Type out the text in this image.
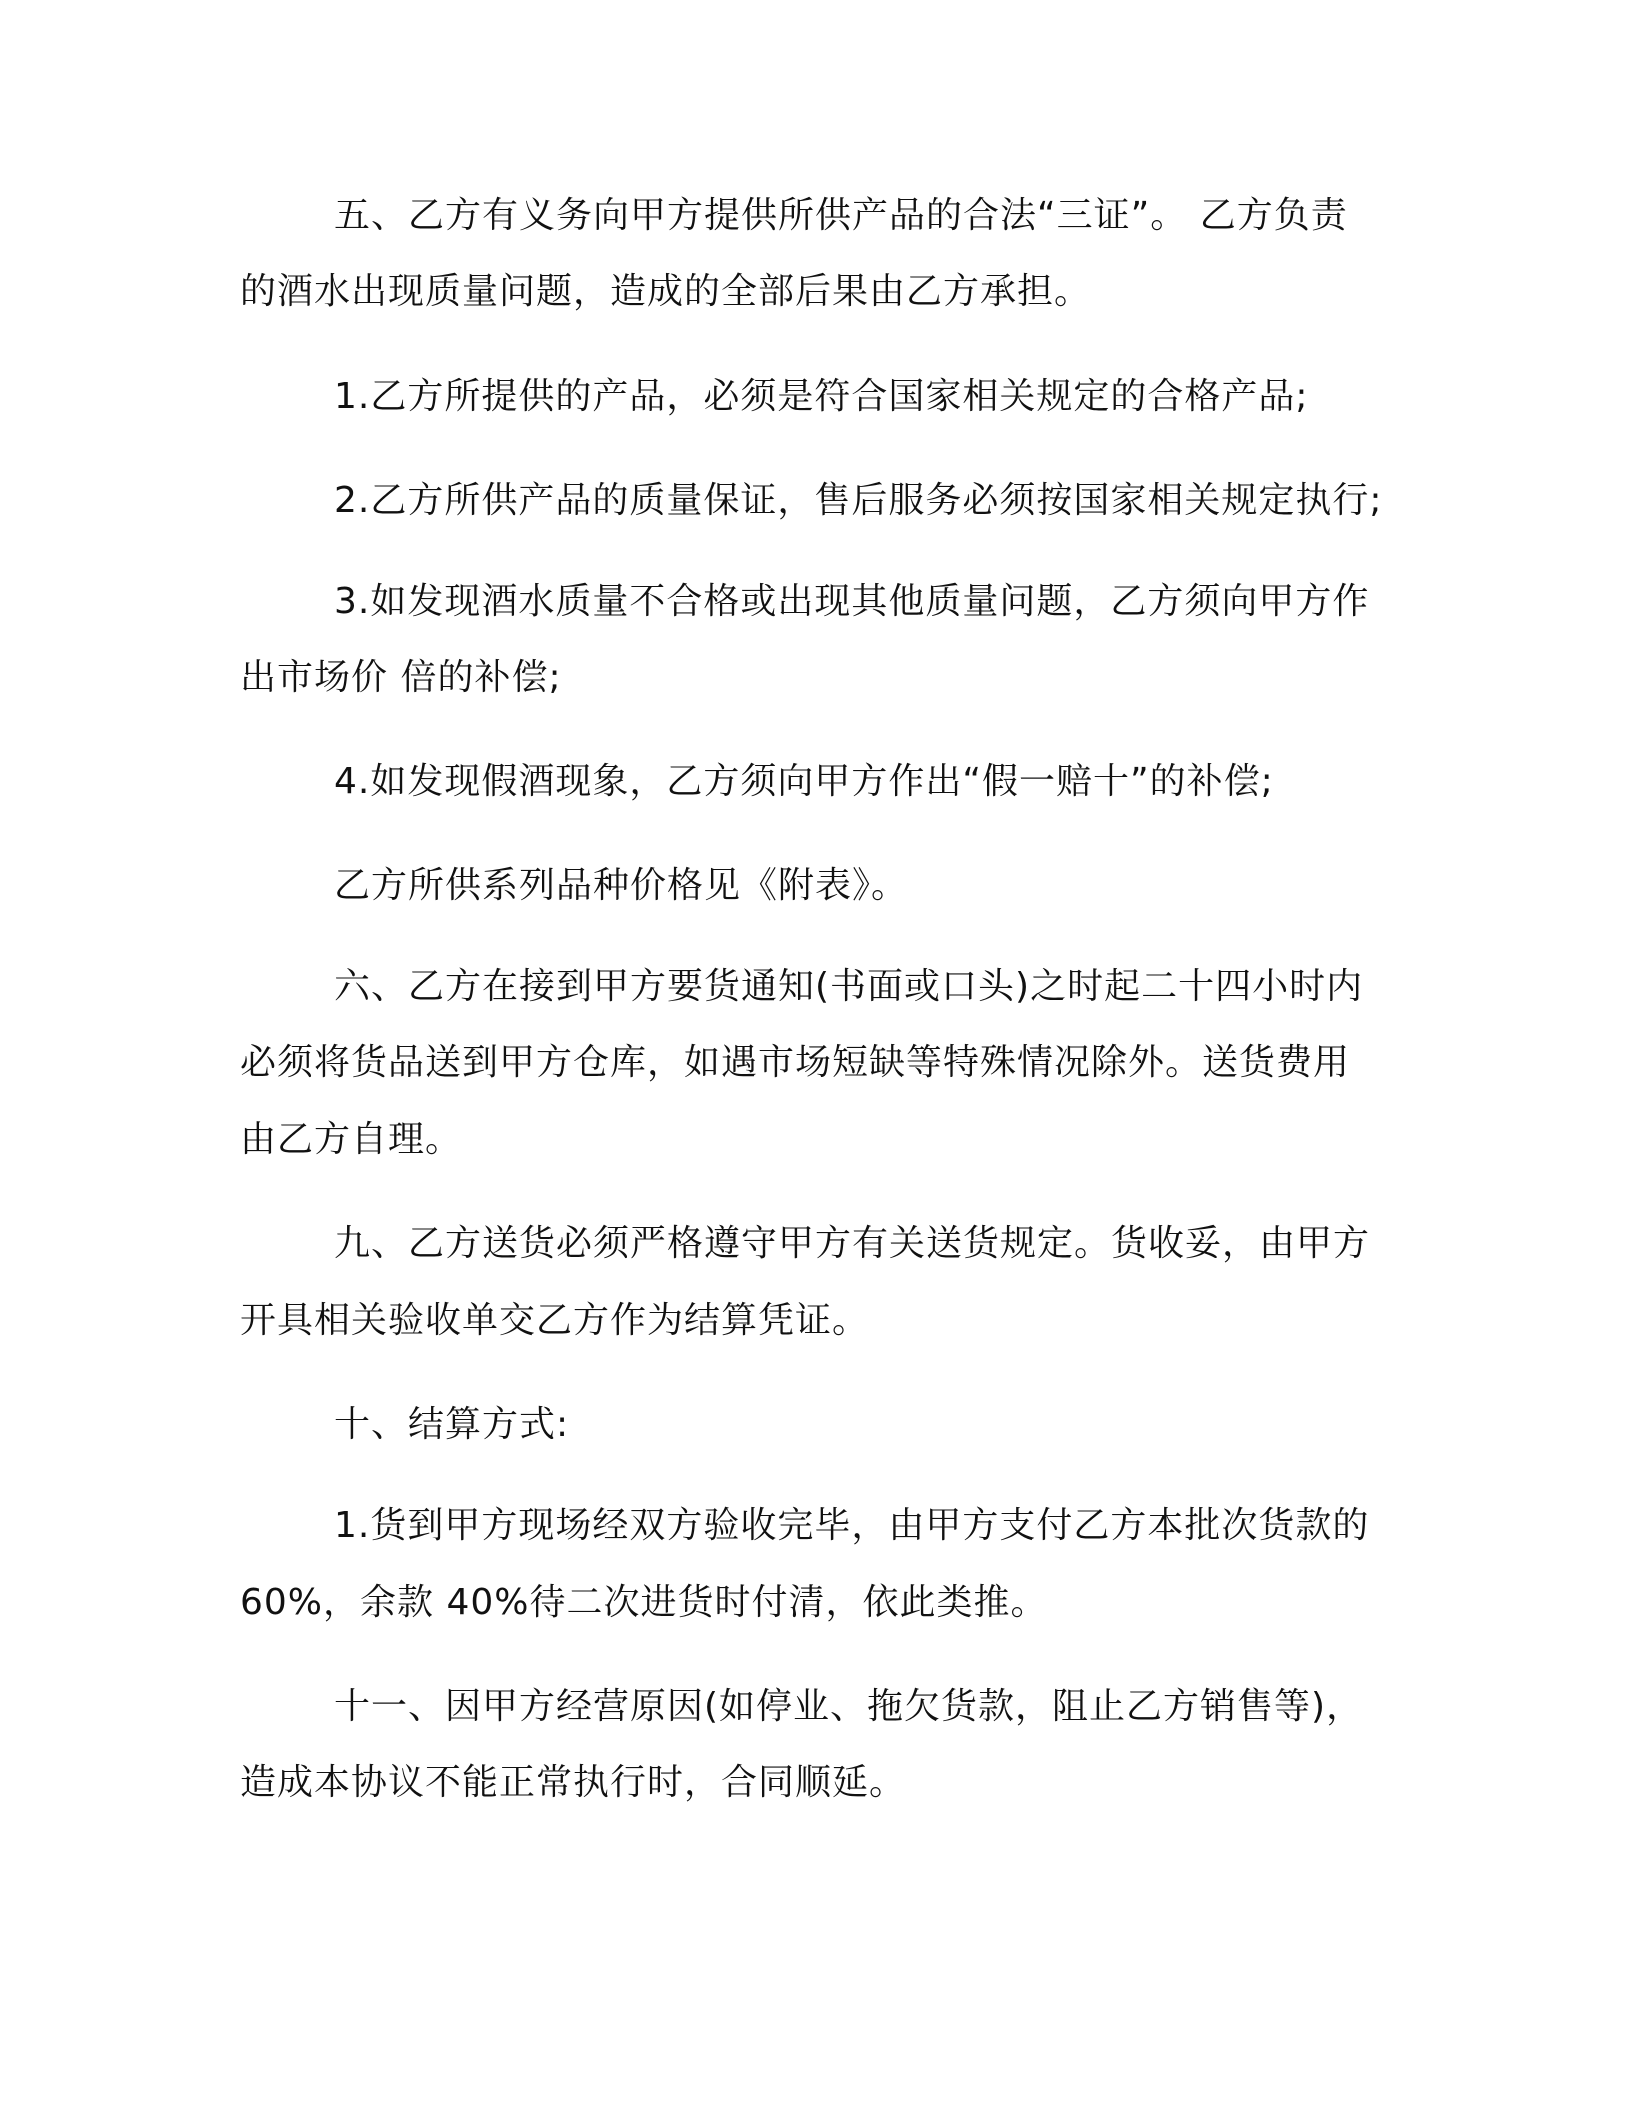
五、乙方有义务向甲方提供所供产品的合法“三证”。 乙方负责
的酒水出现质量问题，造成的全部后果由乙方承担。
1.乙方所提供的产品，必须是符合国家相关规定的合格产品;
2.乙方所供产品的质量保证，售后服务必须按国家相关规定执行;
3.如发现酒水质量不合格或出现其他质量问题，乙方须向甲方作
出市场价 倍的补偿;
4.如发现假酒现象，乙方须向甲方作出“假一赔十”的补偿;
乙方所供系列品种价格见《附表》。
六、乙方在接到甲方要货通知(书面或口头)之时起二十四小时内
必须将货品送到甲方仓库，如遇市场短缺等特殊情况除外。送货费用
由乙方自理。
九、乙方送货必须严格遵守甲方有关送货规定。货收妥，由甲方
开具相关验收单交乙方作为结算凭证。
十、结算方式:
1.货到甲方现场经双方验收完毕，由甲方支付乙方本批次货款的
60%，余款 40%待二次进货时付清，依此类推。
十一、因甲方经营原因(如停业、拖欠货款，阻止乙方销售等)，
造成本协议不能正常执行时，合同顺延。
